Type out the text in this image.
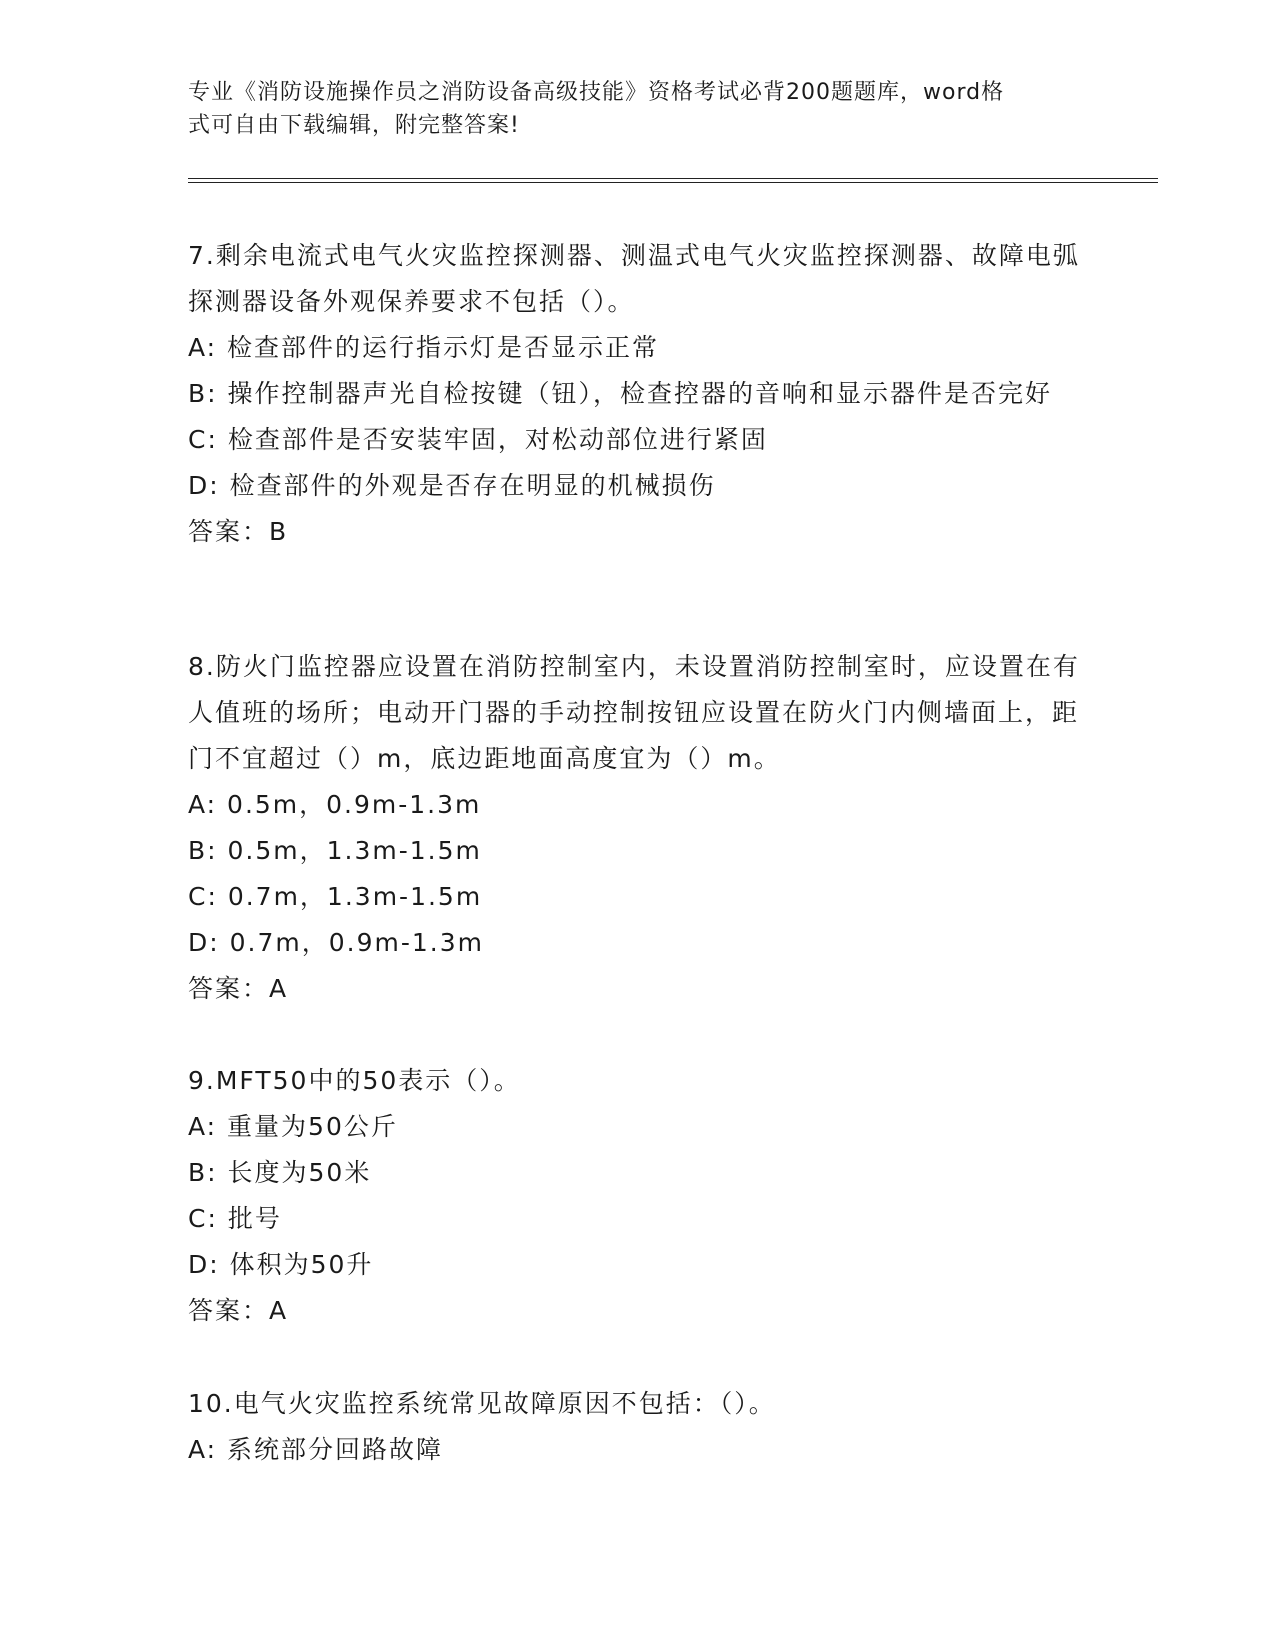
专业《消防设施操作员之消防设备高级技能》资格考试必背200题题库，word格
式可自由下载编辑，附完整答案!
7.剩余电流式电气火灾监控探测器、测温式电气火灾监控探测器、故障电弧探测器设备外观保养要求不包括（）。
A: 检查部件的运行指示灯是否显示正常
B: 操作控制器声光自检按键（钮），检查控器的音响和显示器件是否完好
C: 检查部件是否安装牢固，对松动部位进行紧固
D: 检查部件的外观是否存在明显的机械损伤
答案：B
8.防火门监控器应设置在消防控制室内，未设置消防控制室时，应设置在有人值班的场所；电动开门器的手动控制按钮应设置在防火门内侧墙面上，距门不宜超过（）m，底边距地面高度宜为（）m。
A: 0.5m，0.9m-1.3m
B: 0.5m，1.3m-1.5m
C: 0.7m，1.3m-1.5m
D: 0.7m，0.9m-1.3m
答案：A
9.MFT50中的50表示（）。
A: 重量为50公斤
B: 长度为50米
C: 批号
D: 体积为50升
答案：A
10.电气火灾监控系统常见故障原因不包括：（）。
A: 系统部分回路故障
